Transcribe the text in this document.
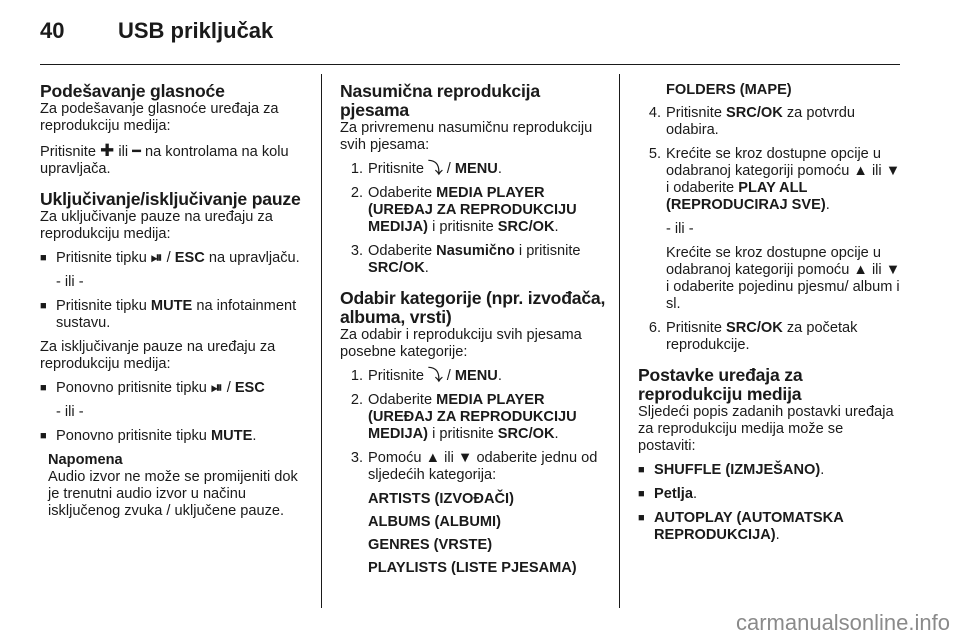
40 USB priključak
Podešavanje glasnoće

Za podešavanje glasnoće uređaja za reprodukciju medija:

Pritisnite ✚ ili ━ na kontrolama na kolu upravljača.

Uključivanje/isključivanje pauze

Za uključivanje pauze na uređaju za reprodukciju medija:

■ Pritisnite tipku ⏯ / ESC na upravljaču.
- ili -
■ Pritisnite tipku MUTE na infotainment sustavu.

Za isključivanje pauze na uređaju za reprodukciju medija:

■ Ponovno pritisnite tipku ⏯ / ESC
- ili -
■ Ponovno pritisnite tipku MUTE.
Napomena
Audio izvor ne može se promijeniti dok je trenutni audio izvor u načinu isključenog zvuka / uključene pauze.
Nasumična reprodukcija pjesama

Za privremenu nasumičnu reprodukciju svih pjesama:

1. Pritisnite ⤵ / MENU.
2. Odaberite MEDIA PLAYER (UREĐAJ ZA REPRODUKCIJU MEDIJA) i pritisnite SRC/OK.
3. Odaberite Nasumično i pritisnite SRC/OK.
Odabir kategorije (npr. izvođača, albuma, vrsti)

Za odabir i reprodukciju svih pjesama posebne kategorije:

1. Pritisnite ⤵ / MENU.
2. Odaberite MEDIA PLAYER (UREĐAJ ZA REPRODUKCIJU MEDIJA) i pritisnite SRC/OK.
3. Pomoću ▲ ili ▼ odaberite jednu od sljedećih kategorija:
ARTISTS (IZVOĐAČI)
ALBUMS (ALBUMI)
GENRES (VRSTE)
PLAYLISTS (LISTE PJESAMA)
FOLDERS (MAPE)
4. Pritisnite SRC/OK za potvrdu odabira.
5. Krećite se kroz dostupne opcije u odabranoj kategoriji pomoću ▲ ili ▼ i odaberite PLAY ALL (REPRODUCIRAJ SVE).
- ili -
Krećite se kroz dostupne opcije u odabranoj kategoriji pomoću ▲ ili ▼ i odaberite pojedinu pjesmu/ album i sl.
6. Pritisnite SRC/OK za početak reprodukcije.
Postavke uređaja za reprodukciju medija

Sljedeći popis zadanih postavki uređaja za reprodukciju medija može se postaviti:

■ SHUFFLE (IZMJEŠANO).
■ Petlja.
■ AUTOPLAY (AUTOMATSKA REPRODUKCIJA).
carmanualsonline.info
